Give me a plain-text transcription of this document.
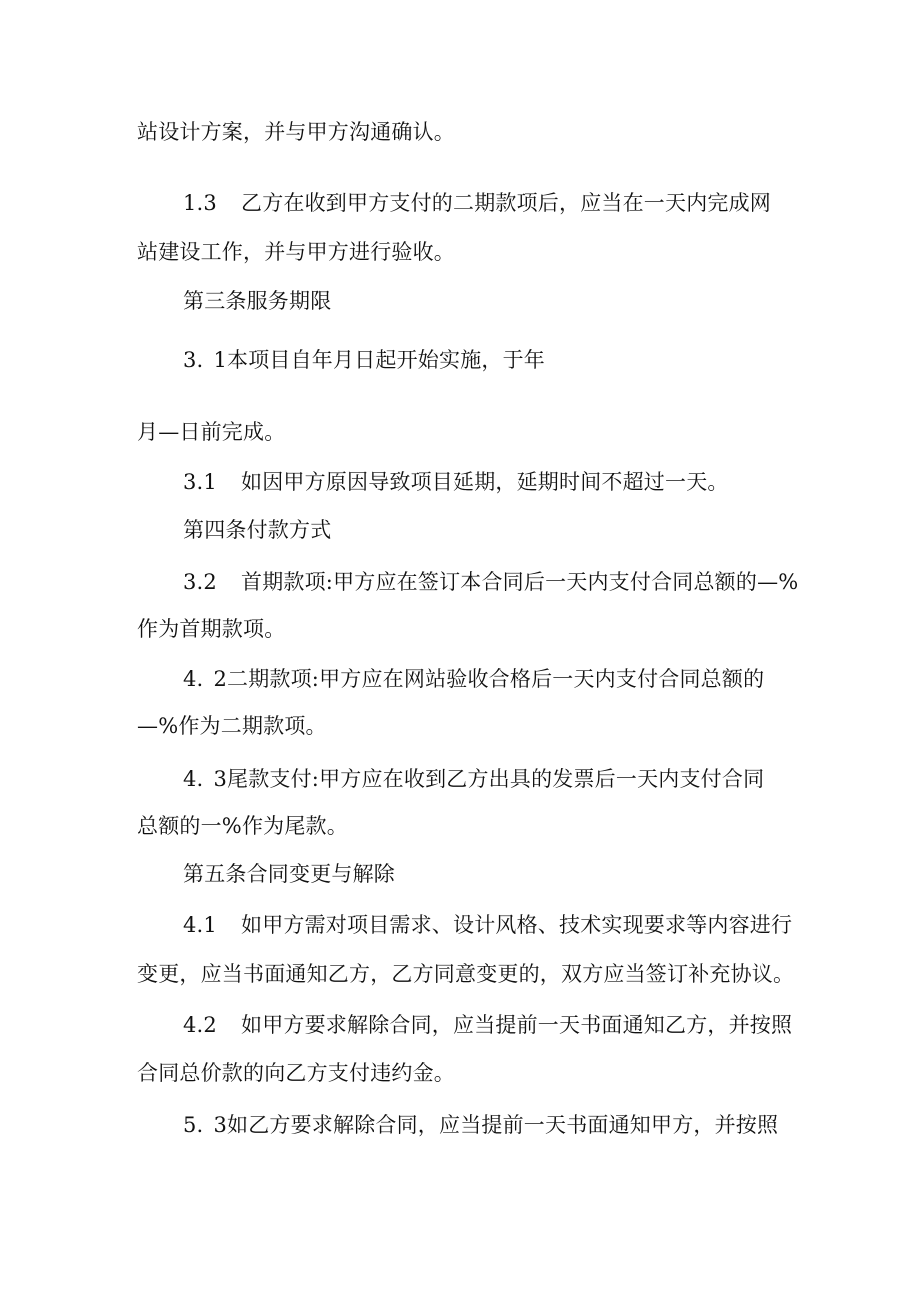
站设计方案，并与甲方沟通确认。
1.3 乙方在收到甲方支付的二期款项后，应当在一天内完成网
站建设工作，并与甲方进行验收。
第三条服务期限
3. 1本项目自年月日起开始实施，于年
月—日前完成。
3.1 如因甲方原因导致项目延期，延期时间不超过一天。
第四条付款方式
3.2 首期款项:甲方应在签订本合同后一天内支付合同总额的—%
作为首期款项。
4. 2二期款项:甲方应在网站验收合格后一天内支付合同总额的
—%作为二期款项。
4. 3尾款支付:甲方应在收到乙方出具的发票后一天内支付合同
总额的一%作为尾款。
第五条合同变更与解除
4.1 如甲方需对项目需求、设计风格、技术实现要求等内容进行
变更，应当书面通知乙方，乙方同意变更的，双方应当签订补充协议。
4.2 如甲方要求解除合同，应当提前一天书面通知乙方，并按照
合同总价款的向乙方支付违约金。
5. 3如乙方要求解除合同，应当提前一天书面通知甲方，并按照
